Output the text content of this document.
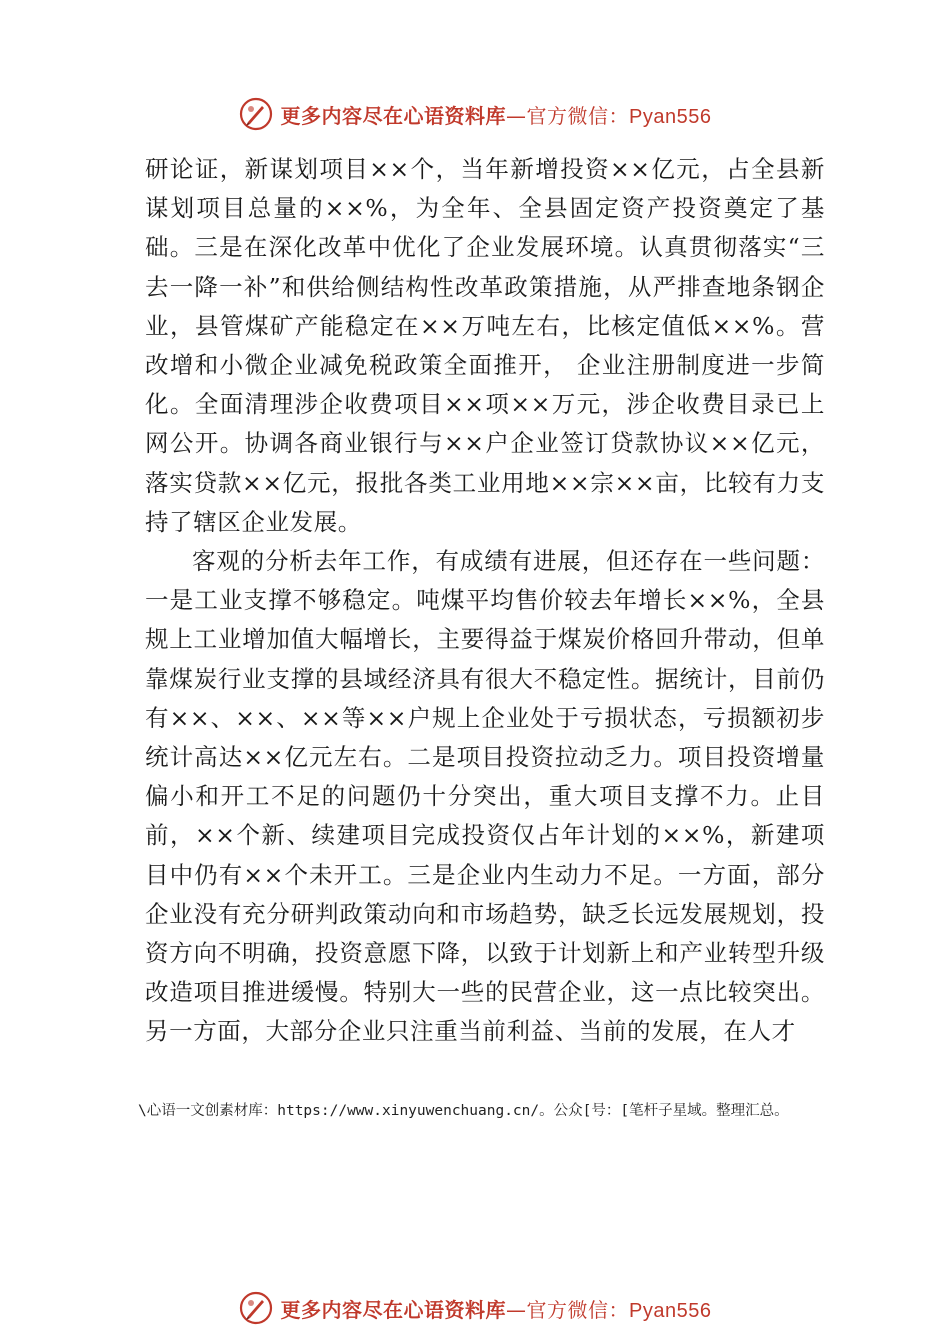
更多内容尽在心语资料库—官方微信：Pyan556

研论证，新谋划项目××个，当年新增投资××亿元，占全县新谋划项目总量的××%，为全年、全县固定资产投资奠定了基础。三是在深化改革中优化了企业发展环境。认真贯彻落实“三去一降一补”和供给侧结构性改革政策措施，从严排查地条钢企业，县管煤矿产能稳定在××万吨左右，比核定值低××%。营改增和小微企业减免税政策全面推开， 企业注册制度进一步简化。全面清理涉企收费项目××项××万元，涉企收费目录已上网公开。协调各商业银行与××户企业签订贷款协议××亿元，落实贷款××亿元，报批各类工业用地××宗××亩，比较有力支持了辖区企业发展。

客观的分析去年工作，有成绩有进展，但还存在一些问题：一是工业支撑不够稳定。吨煤平均售价较去年增长××%，全县规上工业增加值大幅增长，主要得益于煤炭价格回升带动，但单靠煤炭行业支撑的县域经济具有很大不稳定性。据统计，目前仍有××、××、××等××户规上企业处于亏损状态，亏损额初步统计高达××亿元左右。二是项目投资拉动乏力。项目投资增量偏小和开工不足的问题仍十分突出，重大项目支撑不力。止目前，××个新、续建项目完成投资仅占年计划的××%，新建项目中仍有××个未开工。三是企业内生动力不足。一方面，部分企业没有充分研判政策动向和市场趋势，缺乏长远发展规划，投资方向不明确，投资意愿下降，以致于计划新上和产业转型升级改造项目推进缓慢。特别大一些的民营企业，这一点比较突出。另一方面，大部分企业只注重当前利益、当前的发展，在人才

\心语一文创素材库：https://www.xinyuwenchuang.cn/。公众[号：[笔杆子星域。整理汇总。
更多内容尽在心语资料库—官方微信：Pyan556
